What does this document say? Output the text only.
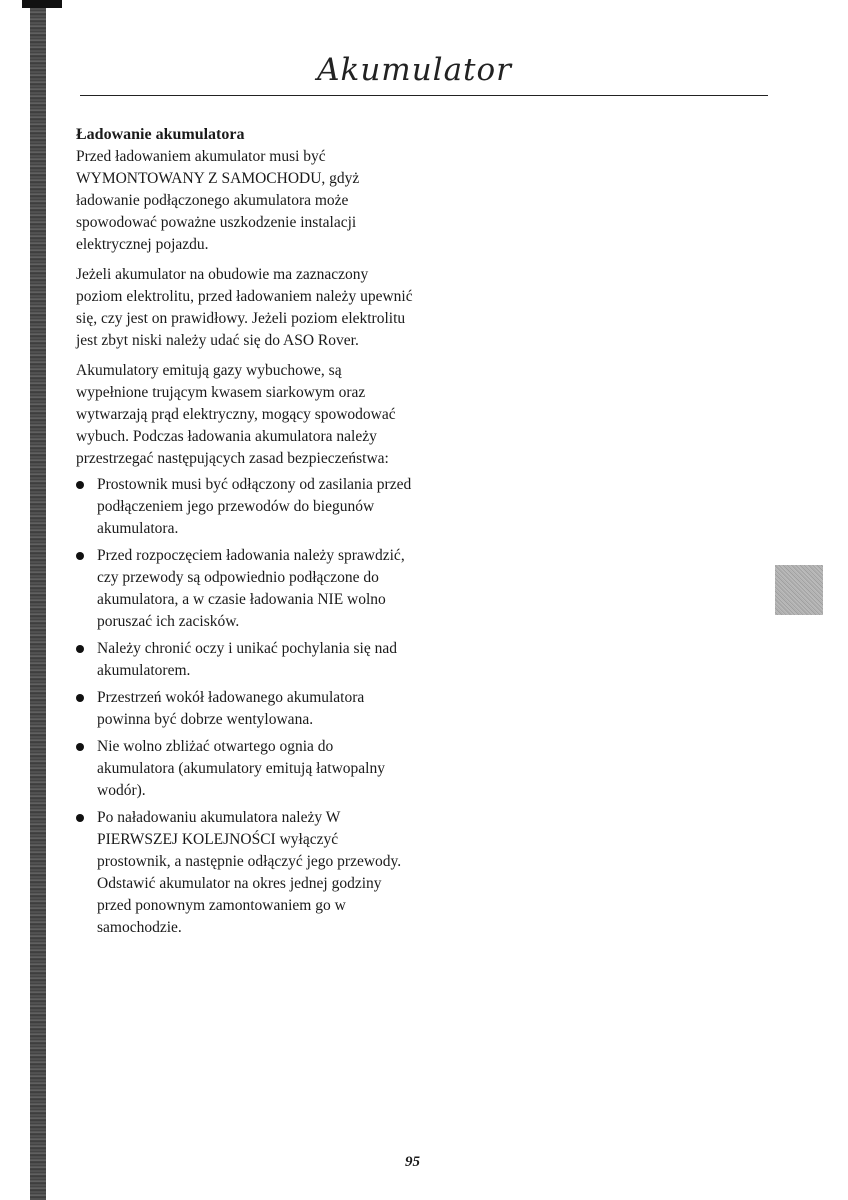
Akumulator

Ładowanie akumulatora

Przed ładowaniem akumulator musi być WYMONTOWANY Z SAMOCHODU, gdyż ładowanie podłączonego akumulatora może spowodować poważne uszkodzenie instalacji elektrycznej pojazdu.

Jeżeli akumulator na obudowie ma zaznaczony poziom elektrolitu, przed ładowaniem należy upewnić się, czy jest on prawidłowy. Jeżeli poziom elektrolitu jest zbyt niski należy udać się do ASO Rover.

Akumulatory emitują gazy wybuchowe, są wypełnione trującym kwasem siarkowym oraz wytwarzają prąd elektryczny, mogący spowodować wybuch. Podczas ładowania akumulatora należy przestrzegać następujących zasad bezpieczeństwa:

Prostownik musi być odłączony od zasilania przed podłączeniem jego przewodów do biegunów akumulatora.
Przed rozpoczęciem ładowania należy sprawdzić, czy przewody są odpowiednio podłączone do akumulatora, a w czasie ładowania NIE wolno poruszać ich zacisków.
Należy chronić oczy i unikać pochylania się nad akumulatorem.
Przestrzeń wokół ładowanego akumulatora powinna być dobrze wentylowana.
Nie wolno zbliżać otwartego ognia do akumulatora (akumulatory emitują łatwopalny wodór).
Po naładowaniu akumulatora należy W PIERWSZEJ KOLEJNOŚCI wyłączyć prostownik, a następnie odłączyć jego przewody. Odstawić akumulator na okres jednej godziny przed ponownym zamontowaniem go w samochodzie.
95
